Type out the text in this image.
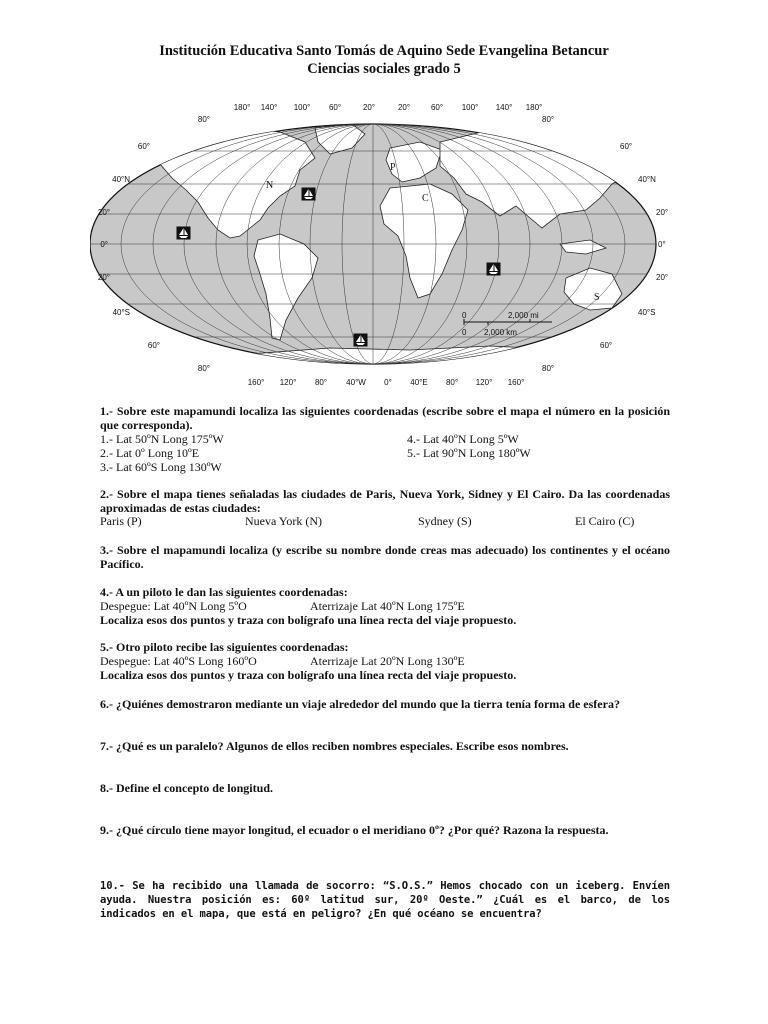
Institución Educativa Santo Tomás de Aquino Sede Evangelina Betancur
Ciencias sociales grado 5
80°
60°
40°N
20°
0°
20°
40°S
60°
80°
80°
60°
40°N
20°
0°
20°
40°S
60°
80°
180° 140° 100° 60°	20°	20°	60° 100° 140° 180°
160° 120° 80° 40°W 0° 40°E 80° 120° 160°
N
P
C
S
0	2,000 mi
0 2,000 km
1.- Sobre este mapamundi localiza las siguientes coordenadas (escribe sobre el mapa el número en la posición que corresponda).
1.- Lat 50ºN Long 175ºW	4.- Lat 40ºN Long 5ºW
2.- Lat 0º Long 10ºE	5.- Lat 90ºN Long 180ºW
3.- Lat 60ºS Long 130ºW
2.- Sobre el mapa tienes señaladas las ciudades de Paris, Nueva York, Sidney y El Cairo. Da las coordenadas aproximadas de estas ciudades:
Paris (P)	Nueva York (N)	Sydney (S)	El Cairo (C)
3.- Sobre el mapamundi localiza (y escribe su nombre donde creas mas adecuado) los continentes y el océano Pacífico.
4.- A un piloto le dan las siguientes coordenadas:
Despegue: Lat 40ºN Long 5ºO	Aterrizaje Lat 40ºN Long 175ºE
Localiza esos dos puntos y traza con bolígrafo una línea recta del viaje propuesto.
5.- Otro piloto recibe las siguientes coordenadas:
Despegue: Lat 40ºS Long 160ºO	Aterrizaje Lat 20ºN Long 130ºE
Localiza esos dos puntos y traza con bolígrafo una línea recta del viaje propuesto.
6.- ¿Quiénes demostraron mediante un viaje alrededor del mundo que la tierra tenía forma de esfera?
7.- ¿Qué es un paralelo? Algunos de ellos reciben nombres especiales. Escribe esos nombres.
8.- Define el concepto de longitud.
9.- ¿Qué círculo tiene mayor longitud, el ecuador o el meridiano 0º? ¿Por qué? Razona la respuesta.
10.- Se ha recibido una llamada de socorro: “S.O.S.” Hemos chocado con un iceberg. Envíen ayuda. Nuestra posición es: 60º latitud sur, 20º Oeste.” ¿Cuál es el barco, de los indicados en el mapa, que está en peligro? ¿En qué océano se encuentra?
